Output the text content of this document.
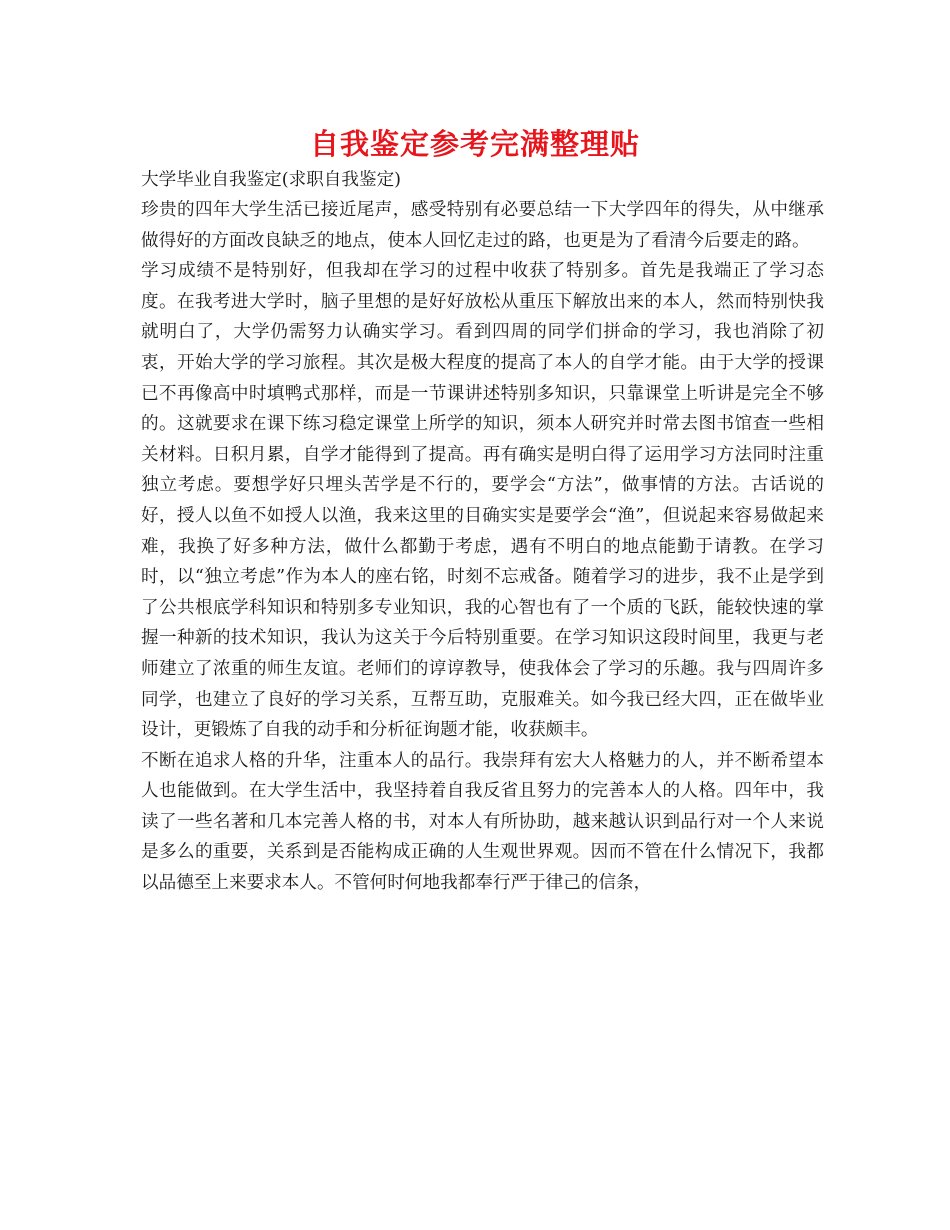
自我鉴定参考完满整理贴

大学毕业自我鉴定(求职自我鉴定)

珍贵的四年大学生活已接近尾声，感受特别有必要总结一下大学四年的得失，从中继承做得好的方面改良缺乏的地点，使本人回忆走过的路，也更是为了看清今后要走的路。

学习成绩不是特别好，但我却在学习的过程中收获了特别多。首先是我端正了学习态度。在我考进大学时，脑子里想的是好好放松从重压下解放出来的本人，然而特别快我就明白了，大学仍需努力认确实学习。看到四周的同学们拼命的学习，我也消除了初衷，开始大学的学习旅程。其次是极大程度的提高了本人的自学才能。由于大学的授课已不再像高中时填鸭式那样，而是一节课讲述特别多知识，只靠课堂上听讲是完全不够的。这就要求在课下练习稳定课堂上所学的知识，须本人研究并时常去图书馆查一些相关材料。日积月累，自学才能得到了提高。再有确实是明白得了运用学习方法同时注重独立考虑。要想学好只埋头苦学是不行的，要学会“方法”，做事情的方法。古话说的好，授人以鱼不如授人以渔，我来这里的目确实实是要学会“渔”，但说起来容易做起来难，我换了好多种方法，做什么都勤于考虑，遇有不明白的地点能勤于请教。在学习时，以“独立考虑”作为本人的座右铭，时刻不忘戒备。随着学习的进步，我不止是学到了公共根底学科知识和特别多专业知识，我的心智也有了一个质的飞跃，能较快速的掌握一种新的技术知识，我认为这关于今后特别重要。在学习知识这段时间里，我更与老师建立了浓重的师生友谊。老师们的谆谆教导，使我体会了学习的乐趣。我与四周许多同学，也建立了良好的学习关系，互帮互助，克服难关。如今我已经大四，正在做毕业设计，更锻炼了自我的动手和分析征询题才能，收获颇丰。

不断在追求人格的升华，注重本人的品行。我崇拜有宏大人格魅力的人，并不断希望本人也能做到。在大学生活中，我坚持着自我反省且努力的完善本人的人格。四年中，我读了一些名著和几本完善人格的书，对本人有所协助，越来越认识到品行对一个人来说是多么的重要，关系到是否能构成正确的人生观世界观。因而不管在什么情况下，我都以品德至上来要求本人。不管何时何地我都奉行严于律己的信条，
